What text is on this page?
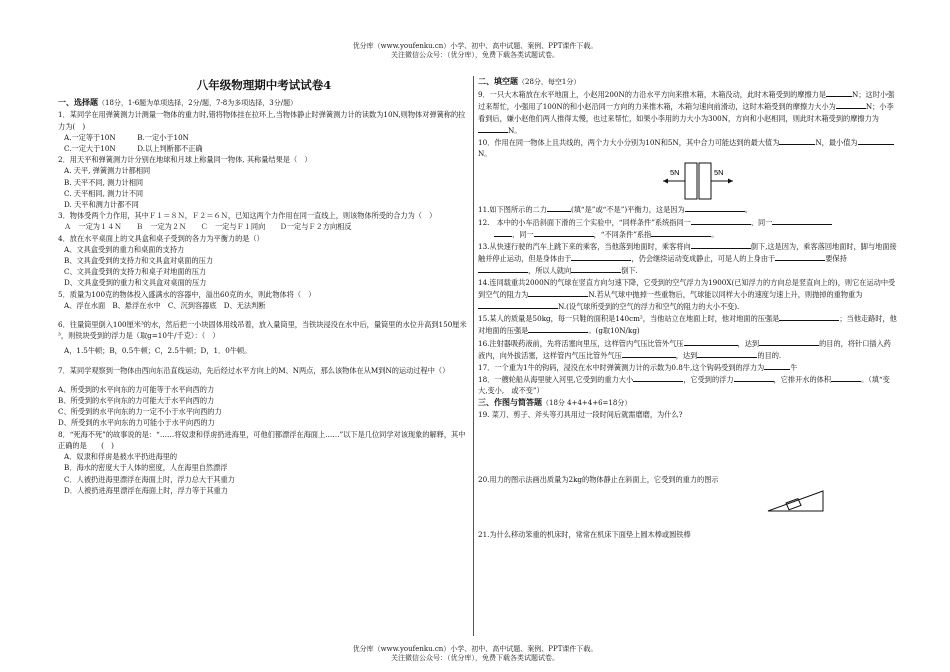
优分库（www.youfenku.cn）小学、初中、高中试题、案例、PPT课件下载。
关注微信公众号：（优分库），免费下载各类试题试卷。
八年级物理期中考试试卷4

一、选择题（18分，1-6题为单项选择，2分/题，7-8为多项选择，3分/题）

1．某同学在用弹簧测力计测量一物体的重力时,错将物体挂在拉环上,当物体静止时弹簧测力计的读数为10N,则物体对弹簧称的拉力为(　)

A.一定等于10N　　　B.一定小于10N

C.一定大于10N　　　D.以上判断都不正确

2．用天平和弹簧测力计分别在地球和月球上称量同一物体, 其称量结果是（　）

A. 天平, 弹簧测力计都相同

B. 天平不同, 测力计相同

C. 天平相同, 测力计不同

D. 天平和测力计都不同

3．物体受两个力作用，其中Ｆ１＝８Ｎ，Ｆ２＝６Ｎ，已知这两个力作用在同一直线上，则该物体所受的合力为（　）

Ａ　一定为１４Ｎ　　Ｂ　一定为２Ｎ　　Ｃ　一定与Ｆ１同向　　Ｄ一定与Ｆ２方向相反

4．放在水平桌面上的文具盒和桌子受到的各力为平衡力的是（）

A、文具盒受到的重力和桌面的支持力

B、文具盒受到的支持力和文具盒对桌面的压力

C、文具盒受到的支持力和桌子对地面的压力

D、文具盒受到的重力和文具盒对桌面的压力

5．质量为100克的物体投入盛满水的容器中，溢出60克的水，则此物体将（　）

A、浮在水面　B、悬浮在水中　C、沉到容器底　D、无法判断

6．往量筒里倒入100厘米³的水，然后把一小块固体用线吊着，放入量筒里，当铁块浸没在水中后，量筒里的水位升高到150厘米³，则铁块受到的浮力是（取g=10牛/千克）：（　）

A，1.5牛顿；B，0.5牛顿；C，2.5牛顿；D，1．0牛顿。

7．某同学观察到一物体由西向东沿直线运动，先后经过水平方向上的M、N两点，那么该物体在从M到N的运动过程中（）

A、所受到的水平向东的力可能等于水平向西的力

B、所受到的水平向东的力可能大于水平向西的力

C、所受到的水平向东的力一定不小于水平向西的力

D、所受到的水平向东的力可能小于水平向西的力

8．“死海不死”的故事说的是：“……将奴隶和俘虏扔进海里，可他们都漂浮在海面上……”以下是几位同学对该现象的解释，其中正确的是　　(　)

A．奴隶和俘虏是被水平扔进海里的

B．海水的密度大于人体的密度，人在海里自然漂浮

C．人被扔进海里漂浮在海面上时，浮力总大于其重力

D．人被扔进海里漂浮在海面上时，浮力等于其重力

二、填空题（28分，每空1分）

9．一只大木箱放在水平地面上，小赵用200N的力沿水平方向来推木箱，木箱没动，此时木箱受到的摩擦力是	N；这时小强过来帮忙，小强用了100N的和小赵沿同一方向的力来推木箱，木箱匀速向前滑动，这时木箱受到的摩擦力大小为	N；小李看到后，嫌小赵他们两人推得太慢，也过来帮忙，如果小李用的力大小为300N，方向和小赵相同，则此时木箱受到的摩擦力为N。

10．作用在同一物体上且共线的，两个力大小分别为10N和5N，其中合力可能达到的最大值为	N，最小值为N。

5N	5N

11.如下图所示的二力	(填“是”或“不是”)平衡力，这是因为	。

12.　本中的小车沿斜面下滑的三个实验中，“同样条件”系统指同一	、同一
、同一	，“不同条件”系指	。

13.从快速行驶的汽车上跳下来的乘客，当他落到地面时，乘客将向	倒下,这是因为，乘客落回地面时，脚与地面接触并停止运动，但是身体由于	，仍会继续运动变成静止，可是人的上身由于	要保持
，所以人就向	倒下.

14.连同载重共2000N的气球在竖直方向匀速下降，它受到的空气浮力为1900X(已知浮力的方向总是竖直向上的)，则它在运动中受到空气的阻力为	N.若从气球中抛掉一些重物后，气球能以同样大小的速度匀速上升，则抛掉的重物重为N.(设气球所受到的空气的浮力和空气的阻力的大小不变).

15.某人的质量是50kg，每一只鞋的面积是140cm²，当他站立在地面上时，他对地面的压强是	；当他走路时，他对地面的压强是	。(g取10N/kg)

16.注射器吸药液前，先将活塞向里压，这样管内气压比管外气压	，达到	的目的，将针口插入药液内，向外拔活塞，这样管内气压比管外气压	，达到	的目的.

17．一个重为1牛的钩码，浸没在水中时弹簧测力计的示数为0.8牛,这个钩码受到的浮力为	牛

18．一艘轮船从海里驶入河里,它受到的重力大小	，它受到的浮力	，它排开水的体积	。（填“变大,变小,　或不变”）

三、作图与简答题（18分 4+4+4+6=18分）

19. 菜刀、剪子、斧头等刃具用过一段时间后就需磨磨，为什么?

20.用力的图示法画出质量为2kg的物体静止在斜面上，它受到的重力的图示

21.为什么移动笨重的机床时，常常在机床下面垫上圆木棒或圆铁棒

优分库（www.youfenku.cn）小学、初中、高中试题、案例、PPT课件下载。
关注微信公众号：（优分库），免费下载各类试题试卷。
